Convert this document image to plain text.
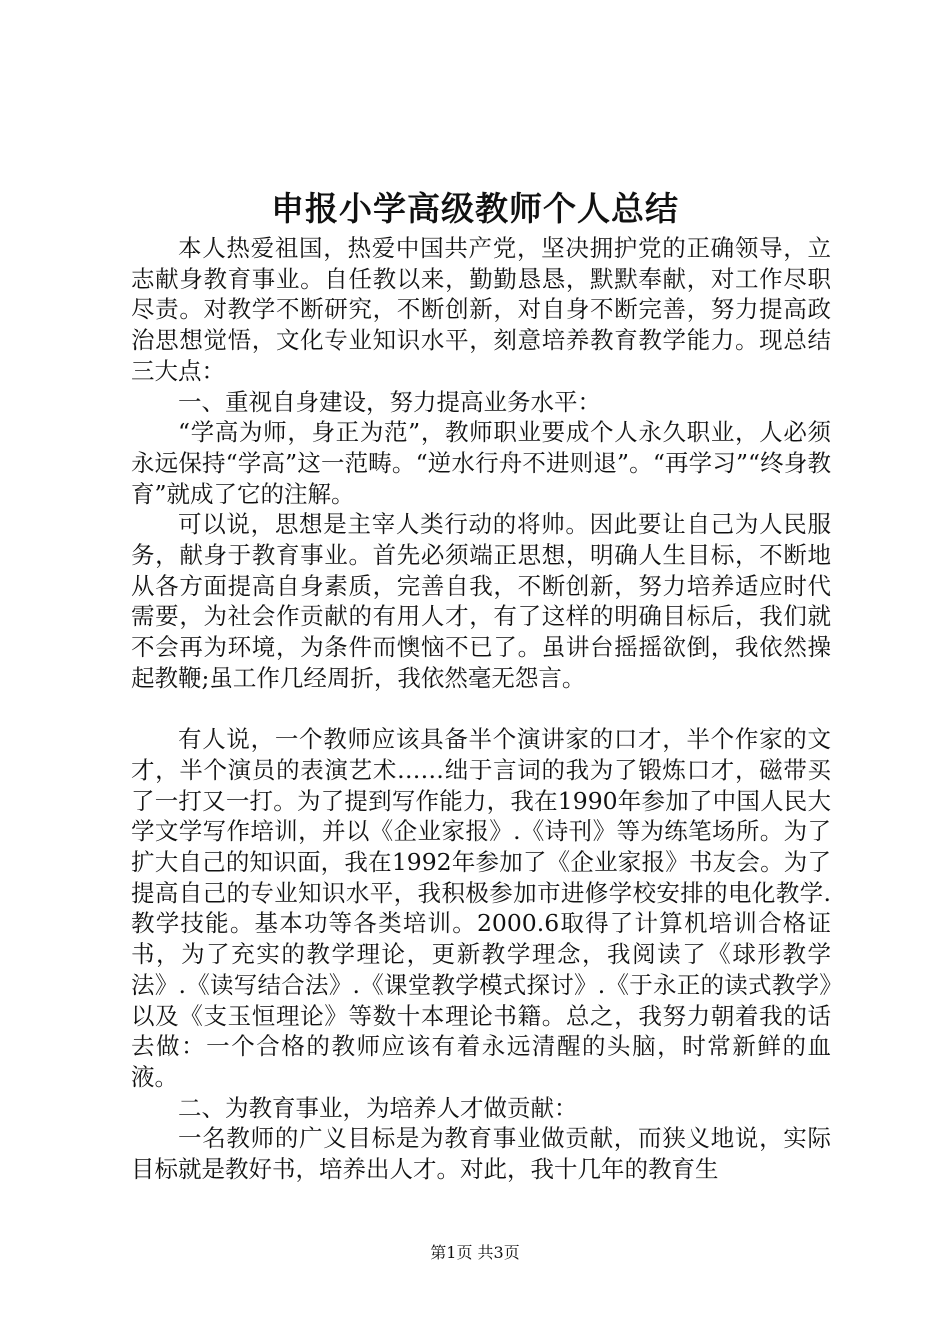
申报小学高级教师个人总结

本人热爱祖国，热爱中国共产党，坚决拥护党的正确领导，立志献身教育事业。自任教以来，勤勤恳恳，默默奉献，对工作尽职尽责。对教学不断研究，不断创新，对自身不断完善，努力提高政治思想觉悟，文化专业知识水平，刻意培养教育教学能力。现总结三大点：

一、重视自身建设，努力提高业务水平：

“学高为师，身正为范”，教师职业要成个人永久职业，人必须永远保持“学高”这一范畴。“逆水行舟不进则退”。“再学习”“终身教育”就成了它的注解。

可以说，思想是主宰人类行动的将帅。因此要让自己为人民服务，献身于教育事业。首先必须端正思想，明确人生目标，不断地从各方面提高自身素质，完善自我，不断创新，努力培养适应时代需要，为社会作贡献的有用人才，有了这样的明确目标后，我们就不会再为环境，为条件而懊恼不已了。虽讲台摇摇欲倒，我依然操起教鞭;虽工作几经周折，我依然毫无怨言。

有人说，一个教师应该具备半个演讲家的口才，半个作家的文才，半个演员的表演艺术……绌于言词的我为了锻炼口才，磁带买了一打又一打。为了提到写作能力，我在1990年参加了中国人民大学文学写作培训，并以《企业家报》.《诗刊》等为练笔场所。为了扩大自己的知识面，我在1992年参加了《企业家报》书友会。为了提高自己的专业知识水平，我积极参加市进修学校安排的电化教学.教学技能。基本功等各类培训。2000.6取得了计算机培训合格证书，为了充实的教学理论，更新教学理念，我阅读了《球形教学法》.《读写结合法》.《课堂教学模式探讨》.《于永正的读式教学》以及《支玉恒理论》等数十本理论书籍。总之，我努力朝着我的话去做：一个合格的教师应该有着永远清醒的头脑，时常新鲜的血液。

二、为教育事业，为培养人才做贡献：

一名教师的广义目标是为教育事业做贡献，而狭义地说，实际目标就是教好书，培养出人才。对此，我十几年的教育生

第1页 共3页
